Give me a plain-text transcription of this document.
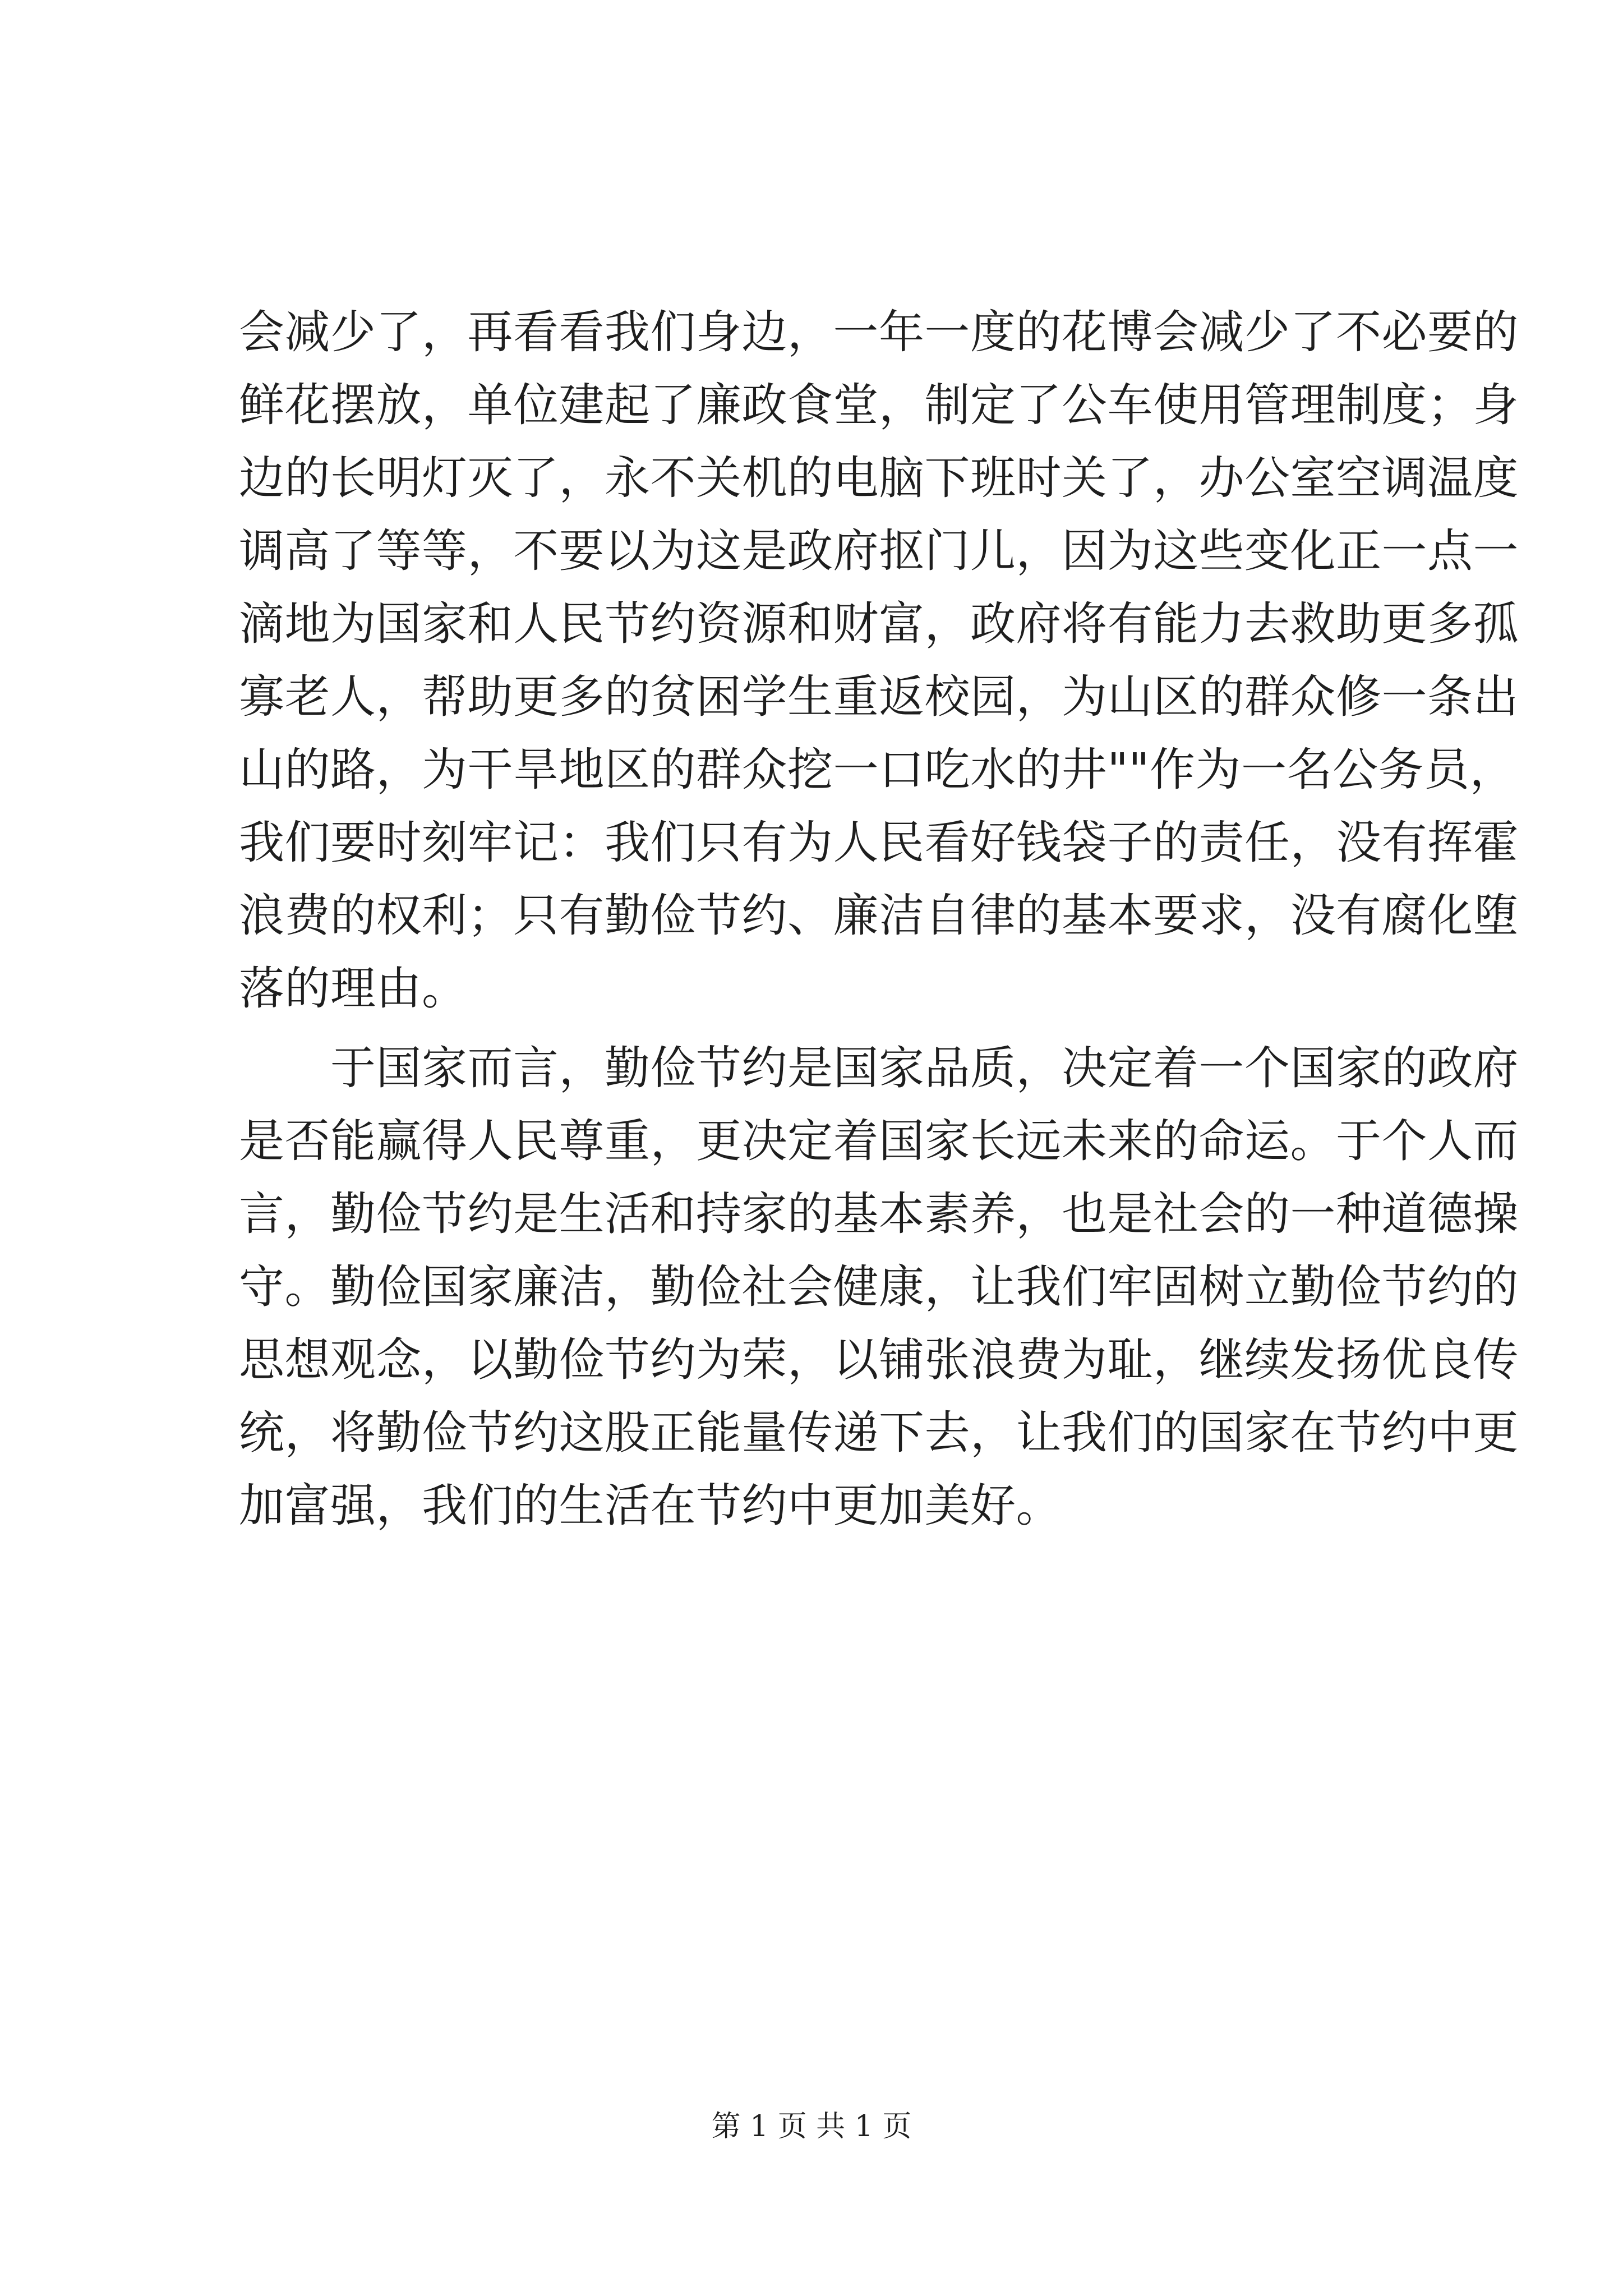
会减少了，再看看我们身边，一年一度的花博会减少了不必要的
鲜花摆放，单位建起了廉政食堂，制定了公车使用管理制度；身
边的长明灯灭了，永不关机的电脑下班时关了，办公室空调温度
调高了等等，不要以为这是政府抠门儿，因为这些变化正一点一
滴地为国家和人民节约资源和财富，政府将有能力去救助更多孤
寡老人，帮助更多的贫困学生重返校园，为山区的群众修一条出
山的路，为干旱地区的群众挖一口吃水的井""作为一名公务员，
我们要时刻牢记：我们只有为人民看好钱袋子的责任，没有挥霍
浪费的权利；只有勤俭节约、廉洁自律的基本要求，没有腐化堕
落的理由。
于国家而言，勤俭节约是国家品质，决定着一个国家的政府
是否能赢得人民尊重，更决定着国家长远未来的命运。于个人而
言，勤俭节约是生活和持家的基本素养，也是社会的一种道德操
守。勤俭国家廉洁，勤俭社会健康，让我们牢固树立勤俭节约的
思想观念，以勤俭节约为荣，以铺张浪费为耻，继续发扬优良传
统，将勤俭节约这股正能量传递下去，让我们的国家在节约中更
加富强，我们的生活在节约中更加美好。
第 1 页 共 1 页
